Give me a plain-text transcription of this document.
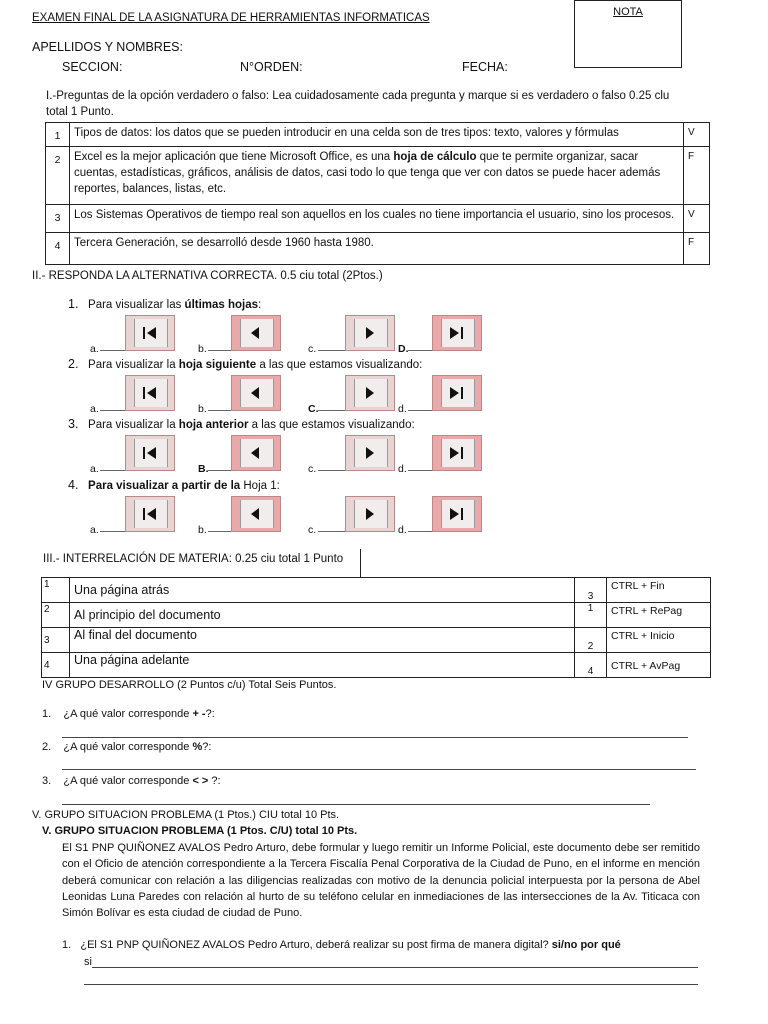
EXAMEN FINAL DE LA ASIGNATURA DE HERRAMIENTAS INFORMATICAS	NOTA
APELLIDOS Y NOMBRES:
SECCION:	N°ORDEN:	FECHA:
I.-Preguntas de la opción verdadero o falso: Lea cuidadosamente cada pregunta y marque si es verdadero o falso 0.25 clu
total 1 Punto.
1	Tipos de datos: los datos que se pueden introducir en una celda son de tres tipos: texto, valores y fórmulas	V
2	Excel es la mejor aplicación que tiene Microsoft Office, es una hoja de cálculo que te permite organizar, sacar cuentas, estadísticas, gráficos, análisis de datos, casi todo lo que tenga que ver con datos se puede hacer además reportes, balances, listas, etc.	F
3	Los Sistemas Operativos de tiempo real son aquellos en los cuales no tiene importancia el usuario, sino los procesos.	V
4	Tercera Generación, se desarrolló desde 1960 hasta 1980.	F
II.- RESPONDA LA ALTERNATIVA CORRECTA. 0.5 ciu total (2Ptos.)
1. Para visualizar las últimas hojas:
a.	b.	c.	D.
2. Para visualizar la hoja siguiente a las que estamos visualizando:
a.	b.	C.	d.
3. Para visualizar la hoja anterior a las que estamos visualizando:
a.	B.	c.	d.
4. Para visualizar a partir de la Hoja 1:
a.	b.	c.	d.
III.- INTERRELACIÓN DE MATERIA: 0.25 ciu total 1 Punto
1	Una página atrás	3	CTRL + Fin
2	Al principio del documento	1	CTRL + RePag
3	Al final del documento	2	CTRL + Inicio
4	Una página adelante	4	CTRL + AvPag
IV GRUPO DESARROLLO (2 Puntos c/u) Total Seis Puntos.
1. ¿A qué valor corresponde + -?:
2. ¿A qué valor corresponde %?:
3. ¿A qué valor corresponde < > ?:
V. GRUPO SITUACION PROBLEMA (1 Ptos.) CIU total 10 Pts.
V. GRUPO SITUACION PROBLEMA (1 Ptos. C/U) total 10 Pts.
El S1 PNP QUIÑONEZ AVALOS Pedro Arturo, debe formular y luego remitir un Informe Policial, este documento debe ser remitido con el Oficio de atención correspondiente a la Tercera Fiscalía Penal Corporativa de la Ciudad de Puno, en el informe en mención deberá comunicar con relación a las diligencias realizadas con motivo de la denuncia policial interpuesta por la persona de Abel Leonidas Luna Paredes con relación al hurto de su teléfono celular en inmediaciones de las intersecciones de la Av. Titicaca con Simón Bolívar es esta ciudad de ciudad de Puno.
1. ¿El S1 PNP QUIÑONEZ AVALOS Pedro Arturo, deberá realizar su post firma de manera digital? si/no por qué
si
